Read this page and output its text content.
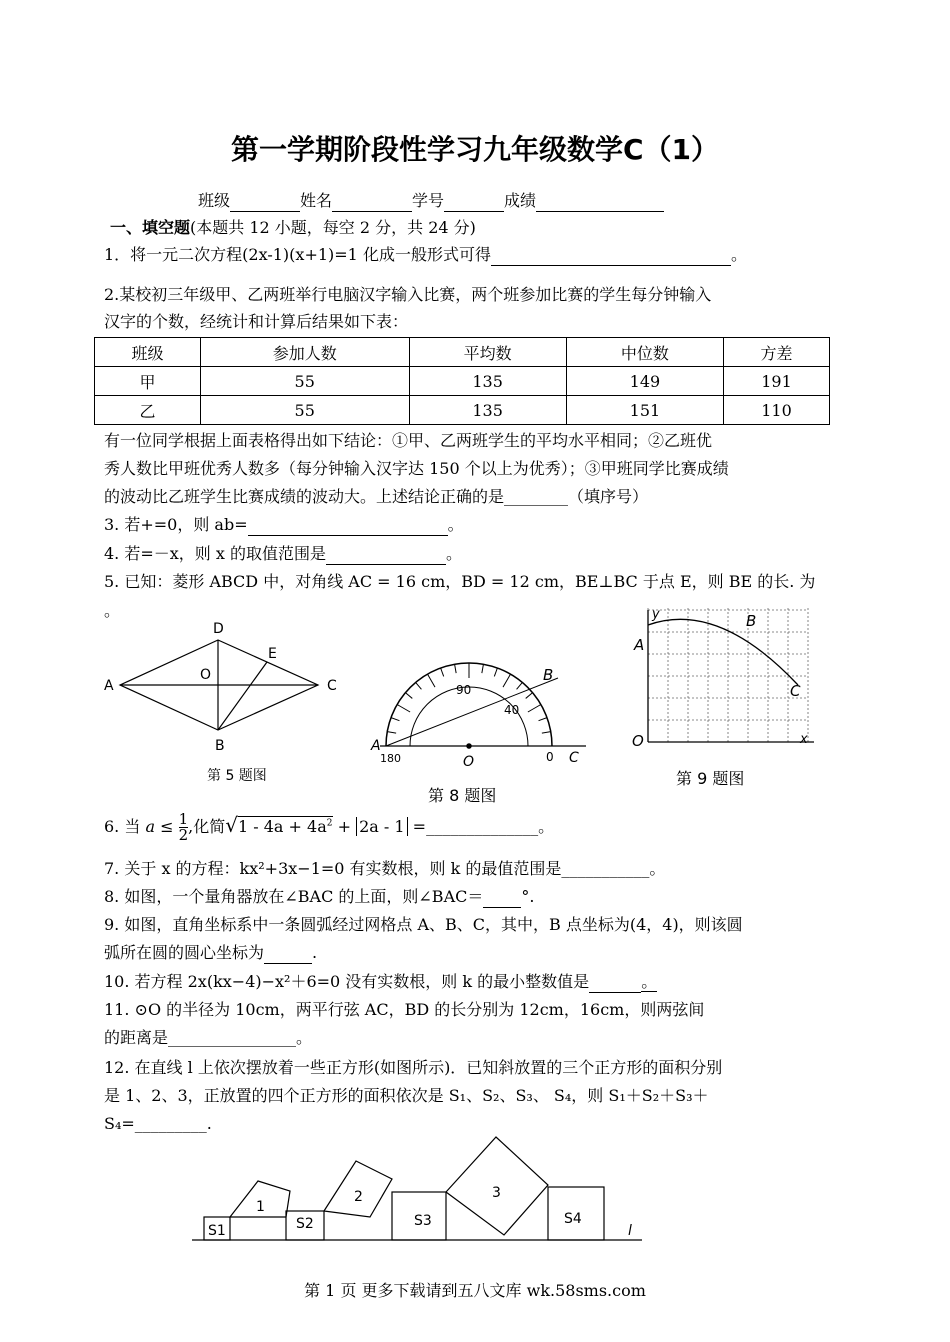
第一学期阶段性学习九年级数学C（1）
班级	姓名	学号	成绩
一、填空题(本题共 12 小题，每空 2 分，共 24 分)
1．将一元二次方程(2x-1)(x+1)=1 化成一般形式可得	。
2.某校初三年级甲、乙两班举行电脑汉字输入比赛，两个班参加比赛的学生每分钟输入
汉字的个数，经统计和计算后结果如下表：
班级	参加人数	平均数	中位数	方差
甲	55	135	149	191
乙	55	135	151	110
有一位同学根据上面表格得出如下结论：①甲、乙两班学生的平均水平相同；②乙班优
秀人数比甲班优秀人数多（每分钟输入汉字达 150 个以上为优秀）；③甲班同学比赛成绩
的波动比乙班学生比赛成绩的波动大。上述结论正确的是________（填序号）
3. 若+=0，则 ab=	。
4. 若=－x，则 x 的取值范围是	。
5. 已知：菱形 ABCD 中，对角线 AC = 16 cm，BD = 12 cm，BE⊥BC 于点 E，则 BE 的长. 为
。
D
E
A
O
C
B
第 5 题图
90
B
40
A
180	O	0 C
第 8 题图
y	B
A
C
O	x
第 9 题图
6. 当 $a \le \frac{1}{2}$ ,化简$√1 - 4a + 4a^2 + 2a - 1$ =______________。
7. 关于 x 的方程：kx²+3x−1=0 有实数根，则 k 的最值范围是___________。
8. 如图，一个量角器放在∠BAC 的上面，则∠BAC＝ °.
9. 如图，直角坐标系中一条圆弧经过网格点 A、B、C，其中，B 点坐标为(4，4)，则该圆
弧所在圆的圆心坐标为	.
10. 若方程 2x(kx−4)−x²＋6=0 没有实数根，则 k 的最小整数值是	。
11. ⊙O 的半径为 10cm，两平行弦 AC，BD 的长分别为 12cm，16cm，则两弦间
的距离是________________。
12. 在直线 l 上依次摆放着一些正方形(如图所示)．已知斜放置的三个正方形的面积分别
是 1、2、3，正放置的四个正方形的面积依次是 S₁、S₂、S₃、 S₄，则 S₁＋S₂＋S₃＋
S₄=_________.
S1
1
S2
2
S3
3
S4
l
第 1 页 更多下载请到五八文库 wk.58sms.com
